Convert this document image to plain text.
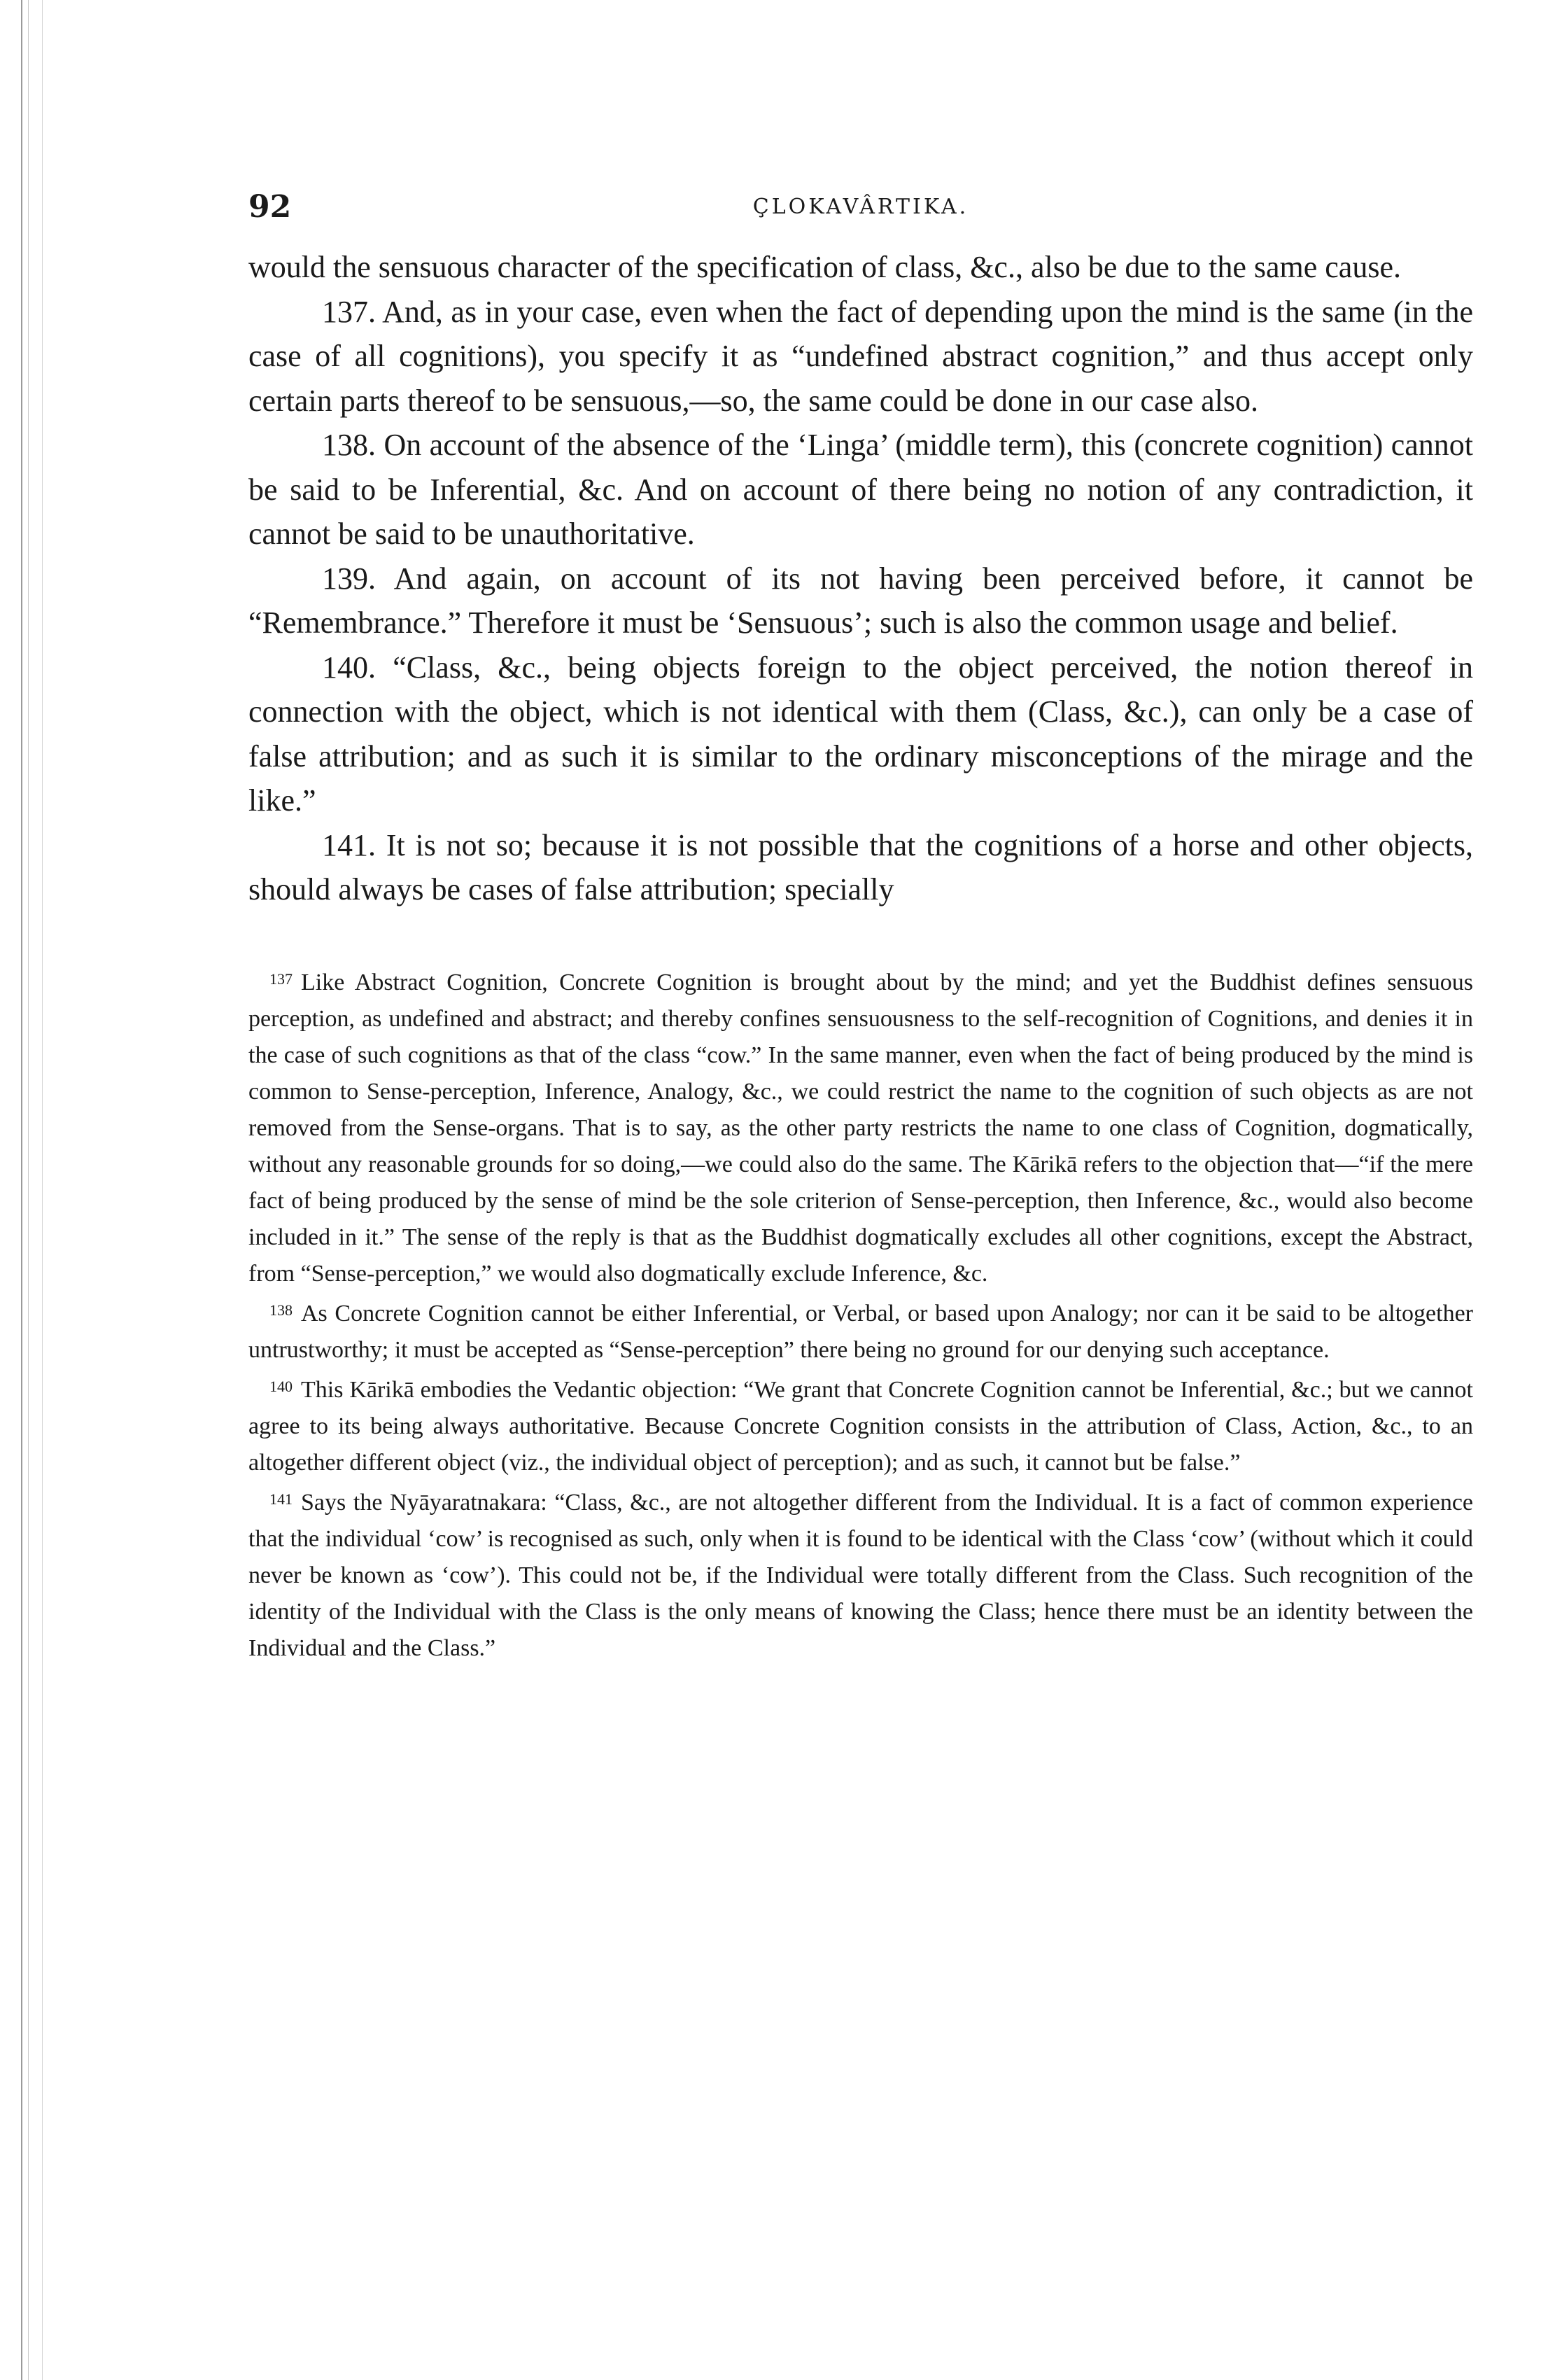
92	ÇLOKAVÂRTIKA.

would the sensuous character of the specification of class, &c., also be due to the same cause.

137. And, as in your case, even when the fact of depending upon the mind is the same (in the case of all cognitions), you specify it as “undefined abstract cognition,” and thus accept only certain parts thereof to be sensuous,—so, the same could be done in our case also.

138. On account of the absence of the ‘Linga’ (middle term), this (concrete cognition) cannot be said to be Inferential, &c. And on account of there being no notion of any contradiction, it cannot be said to be unauthoritative.

139. And again, on account of its not having been perceived before, it cannot be “Remembrance.” Therefore it must be ‘Sensuous’; such is also the common usage and belief.

140. “Class, &c., being objects foreign to the object perceived, the notion thereof in connection with the object, which is not identical with them (Class, &c.), can only be a case of false attribution; and as such it is similar to the ordinary misconceptions of the mirage and the like.”

141. It is not so; because it is not possible that the cognitions of a horse and other objects, should always be cases of false attribution; specially

$^{137}$ Like Abstract Cognition, Concrete Cognition is brought about by the mind; and yet the Buddhist defines sensuous perception, as undefined and abstract; and thereby confines sensuousness to the self-recognition of Cognitions, and denies it in the case of such cognitions as that of the class “cow.” In the same manner, even when the fact of being produced by the mind is common to Sense-perception, Inference, Analogy, &c., we could restrict the name to the cognition of such objects as are not removed from the Sense-organs. That is to say, as the other party restricts the name to one class of Cognition, dogmatically, without any reasonable grounds for so doing,—we could also do the same. The Kārikā refers to the objection that—“if the mere fact of being produced by the sense of mind be the sole criterion of Sense-perception, then Inference, &c., would also become included in it.” The sense of the reply is that as the Buddhist dogmatically excludes all other cognitions, except the Abstract, from “Sense-perception,” we would also dogmatically exclude Inference, &c.

$^{138}$ As Concrete Cognition cannot be either Inferential, or Verbal, or based upon Analogy; nor can it be said to be altogether untrustworthy; it must be accepted as “Sense-perception” there being no ground for our denying such acceptance.

$^{140}$ This Kārikā embodies the Vedantic objection: “We grant that Concrete Cognition cannot be Inferential, &c.; but we cannot agree to its being always authoritative. Because Concrete Cognition consists in the attribution of Class, Action, &c., to an altogether different object (viz., the individual object of perception); and as such, it cannot but be false.”

$^{141}$ Says the Nyāyaratnakara: “Class, &c., are not altogether different from the Individual. It is a fact of common experience that the individual ‘cow’ is recognised as such, only when it is found to be identical with the Class ‘cow’ (without which it could never be known as ‘cow’). This could not be, if the Individual were totally different from the Class. Such recognition of the identity of the Individual with the Class is the only means of knowing the Class; hence there must be an identity between the Individual and the Class.”
